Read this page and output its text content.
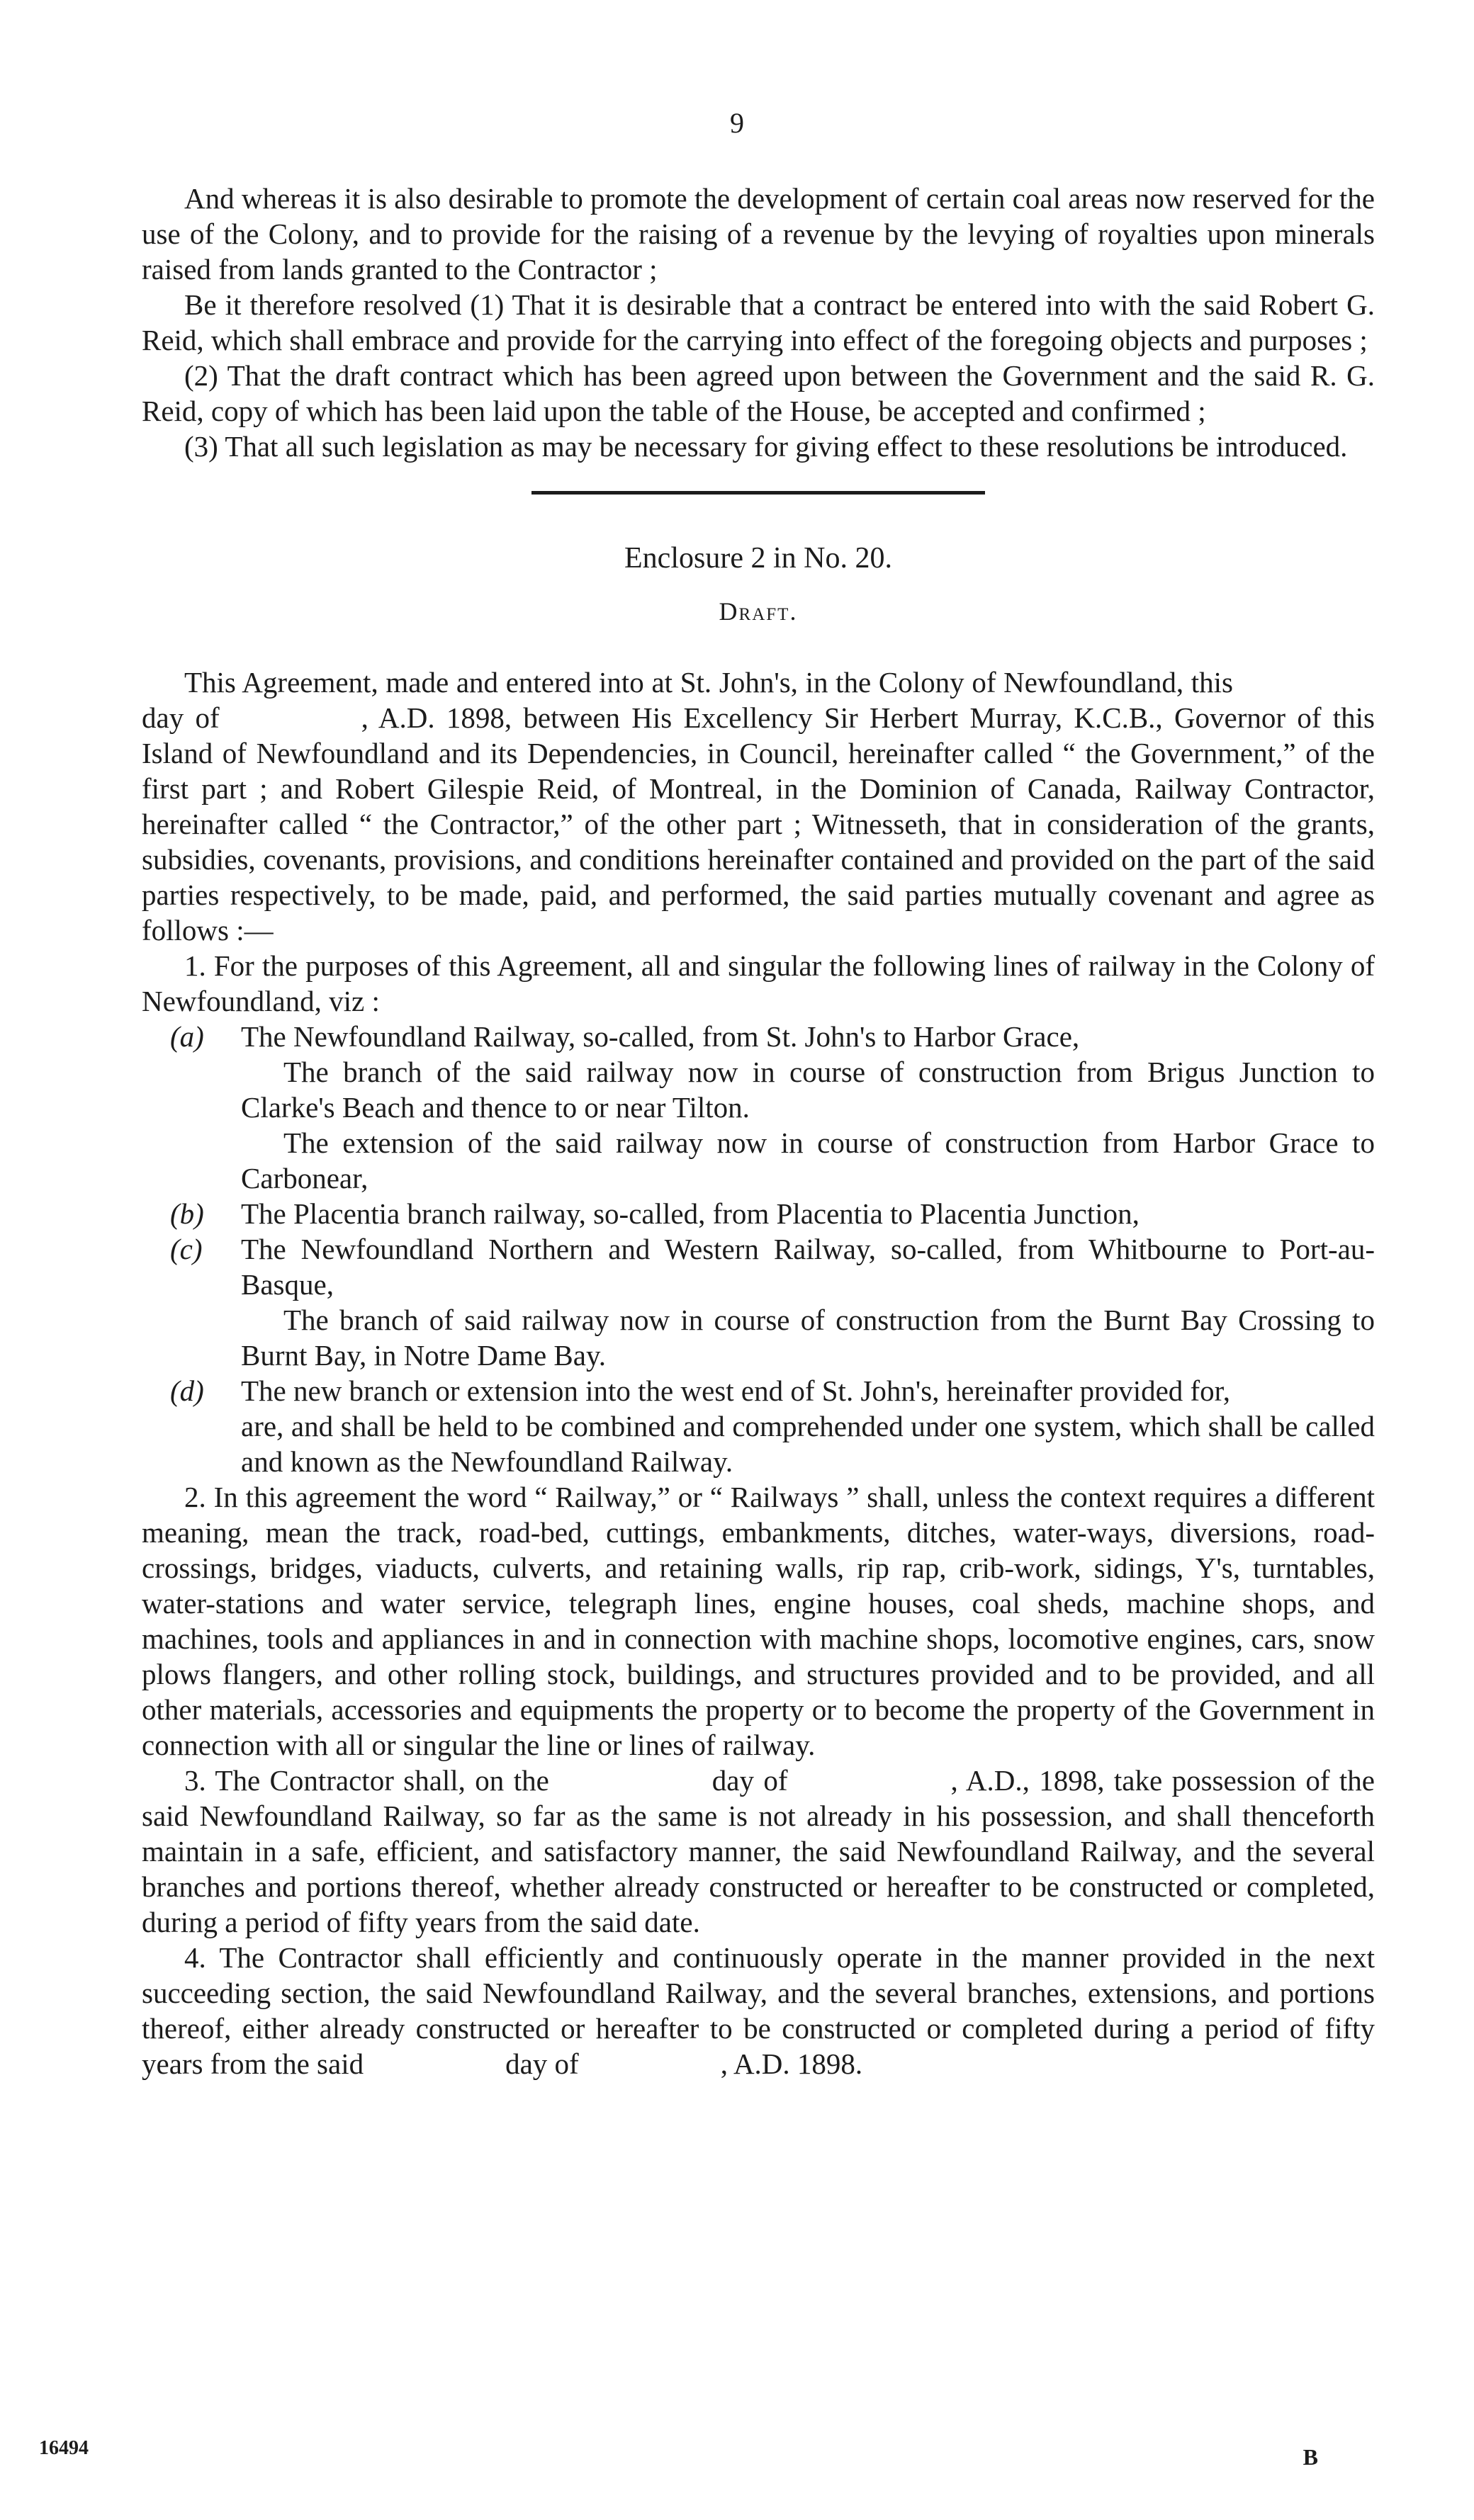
9

And whereas it is also desirable to promote the development of certain coal areas now reserved for the use of the Colony, and to provide for the raising of a revenue by the levying of royalties upon minerals raised from lands granted to the Contractor ;

Be it therefore resolved (1) That it is desirable that a contract be entered into with the said Robert G. Reid, which shall embrace and provide for the carrying into effect of the foregoing objects and purposes ;

(2) That the draft contract which has been agreed upon between the Government and the said R. G. Reid, copy of which has been laid upon the table of the House, be accepted and confirmed ;

(3) That all such legislation as may be necessary for giving effect to these resolutions be introduced.

Enclosure 2 in No. 20.

Draft.

This Agreement, made and entered into at St. John's, in the Colony of Newfoundland, thisday of	, A.D. 1898, between His Excellency Sir Herbert Murray, K.C.B., Governor of this Island of Newfoundland and its Dependencies, in Council, hereinafter called “ the Government,” of the first part ; and Robert Gilespie Reid, of Montreal, in the Dominion of Canada, Railway Contractor, hereinafter called “ the Contractor,” of the other part ; Witnesseth, that in consideration of the grants, subsidies, covenants, provisions, and conditions hereinafter contained and provided on the part of the said parties respectively, to be made, paid, and performed, the said parties mutually covenant and agree as follows :—

1. For the purposes of this Agreement, all and singular the following lines of railway in the Colony of Newfoundland, viz :

(a)	The Newfoundland Railway, so-called, from St. John's to Harbor Grace,

The branch of the said railway now in course of construction from Brigus Junction to Clarke's Beach and thence to or near Tilton.

The extension of the said railway now in course of construction from Harbor Grace to Carbonear,

(b)	The Placentia branch railway, so-called, from Placentia to Placentia Junction,

(c)	The Newfoundland Northern and Western Railway, so-called, from Whitbourne to Port-au-Basque,

The branch of said railway now in course of construction from the Burnt Bay Crossing to Burnt Bay, in Notre Dame Bay.

(d)	The new branch or extension into the west end of St. John's, hereinafter provided for,

are, and shall be held to be combined and comprehended under one system, which shall be called and known as the Newfoundland Railway.

2. In this agreement the word “ Railway,” or “ Railways ” shall, unless the context requires a different meaning, mean the track, road-bed, cuttings, embankments, ditches, water-ways, diversions, road-crossings, bridges, viaducts, culverts, and retaining walls, rip rap, crib-work, sidings, Y's, turntables, water-stations and water service, telegraph lines, engine houses, coal sheds, machine shops, and machines, tools and appliances in and in connection with machine shops, locomotive engines, cars, snow plows flangers, and other rolling stock, buildings, and structures provided and to be provided, and all other materials, accessories and equipments the property or to become the property of the Government in connection with all or singular the line or lines of railway.

3. The Contractor shall, on the	day of	, A.D., 1898, take possession of the said Newfoundland Railway, so far as the same is not already in his possession, and shall thenceforth maintain in a safe, efficient, and satisfactory manner, the said Newfoundland Railway, and the several branches and portions thereof, whether already constructed or hereafter to be constructed or completed, during a period of fifty years from the said date.

4. The Contractor shall efficiently and continuously operate in the manner provided in the next succeeding section, the said Newfoundland Railway, and the several branches, extensions, and portions thereof, either already constructed or hereafter to be constructed or completed during a period of fifty years from the said	day of	, A.D. 1898.

16494	B
